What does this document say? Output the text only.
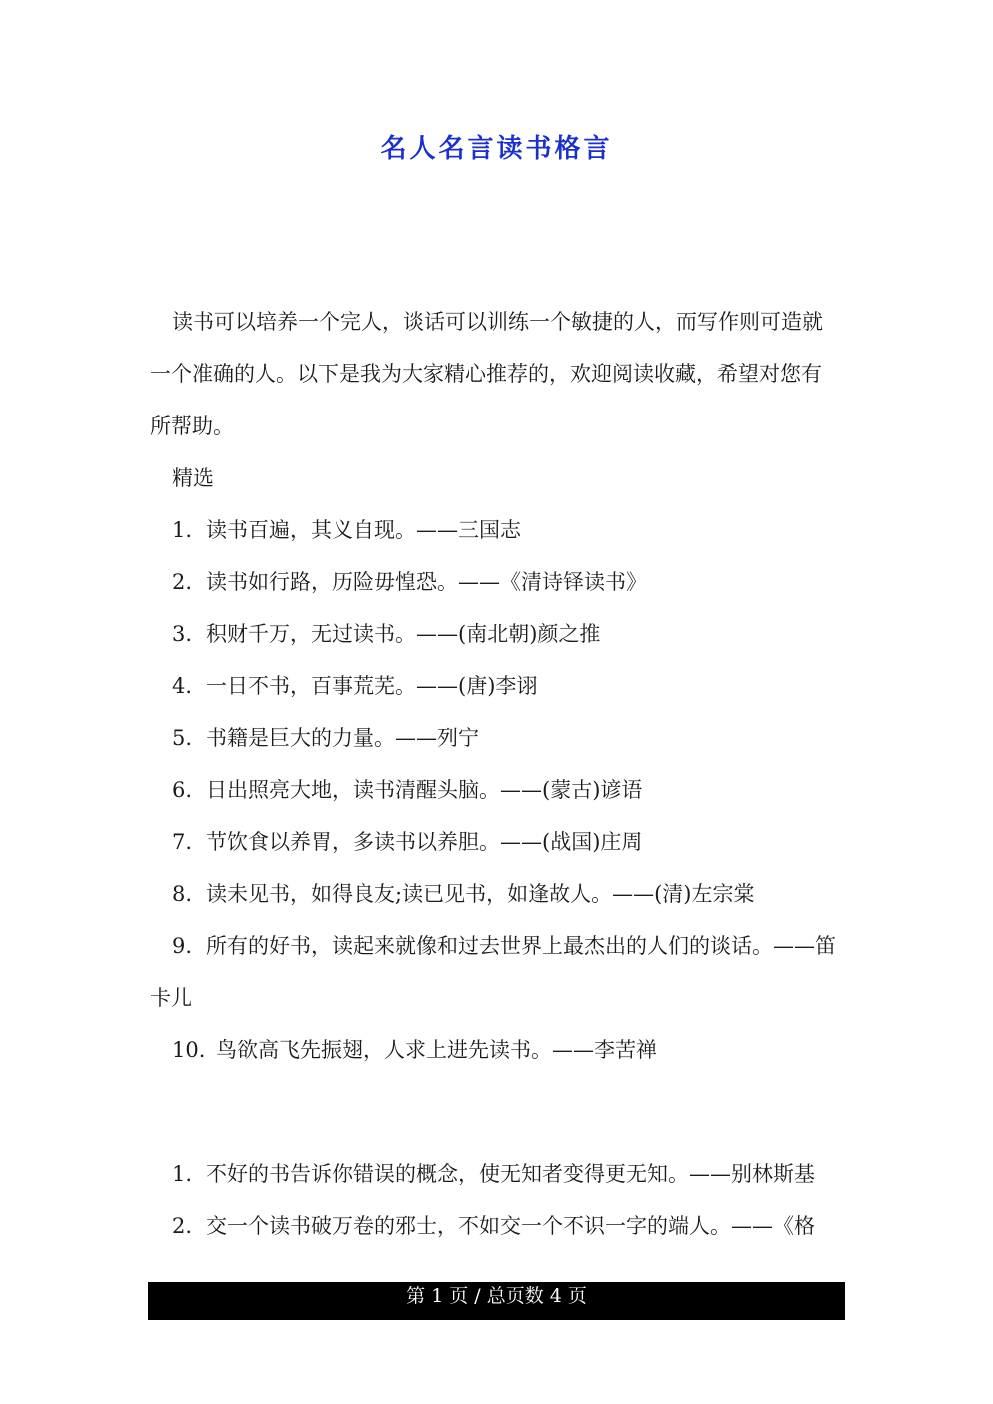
名人名言读书格言

读书可以培养一个完人，谈话可以训练一个敏捷的人，而写作则可造就一个准确的人。以下是我为大家精心推荐的，欢迎阅读收藏，希望对您有所帮助。

精选

1. 读书百遍，其义自现。——三国志
2. 读书如行路，历险毋惶恐。——《清诗铎读书》
3. 积财千万，无过读书。——(南北朝)颜之推
4. 一日不书，百事荒芜。——(唐)李诩
5. 书籍是巨大的力量。——列宁
6. 日出照亮大地，读书清醒头脑。——(蒙古)谚语
7. 节饮食以养胃，多读书以养胆。——(战国)庄周
8. 读未见书，如得良友;读已见书，如逢故人。——(清)左宗棠
9. 所有的好书，读起来就像和过去世界上最杰出的人们的谈话。——笛卡儿
10. 鸟欲高飞先振翅，人求上进先读书。——李苦禅
1. 不好的书告诉你错误的概念，使无知者变得更无知。——别林斯基
2. 交一个读书破万卷的邪士，不如交一个不识一字的端人。——《格
第 1 页 / 总页数 4 页
